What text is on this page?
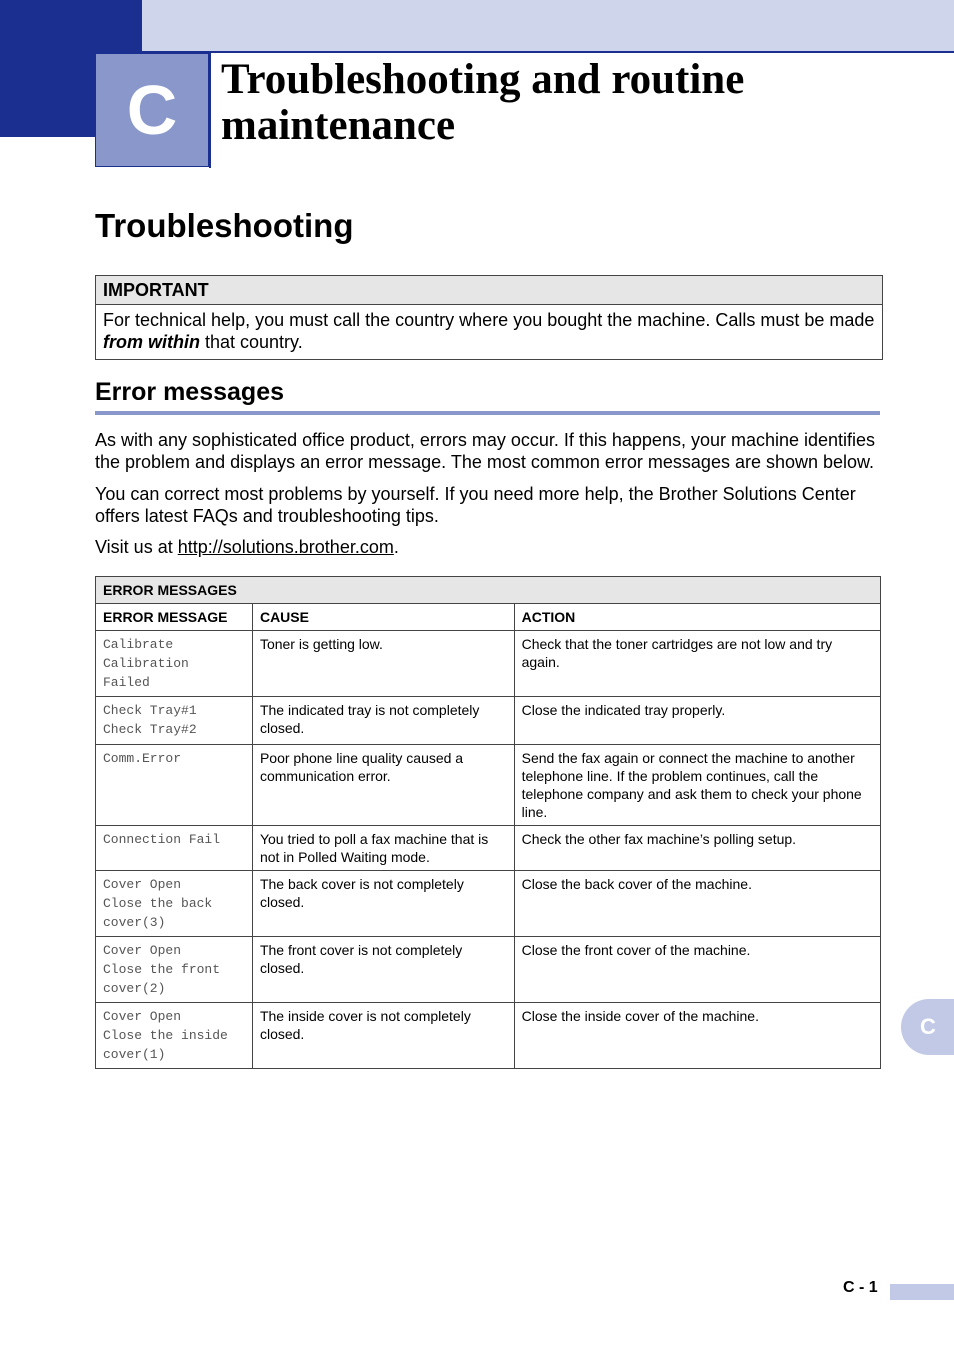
C Troubleshooting and routine
maintenance
Troubleshooting
IMPORTANT
For technical help, you must call the country where you bought the machine. Calls must be made from within that country.
Error messages
As with any sophisticated office product, errors may occur. If this happens, your machine identifies the problem and displays an error message. The most common error messages are shown below.
You can correct most problems by yourself. If you need more help, the Brother Solutions Center offers latest FAQs and troubleshooting tips.
Visit us at http://solutions.brother.com.
ERROR MESSAGES		
ERROR MESSAGE	CAUSE	ACTION

Calibrate
Calibration
Failed	Toner is getting low.	Check that the toner cartridges are not low and try again.

Check Tray#1
Check Tray#2	The indicated tray is not completely closed.	Close the indicated tray properly.

Comm.Error	Poor phone line quality caused a communication error.	Send the fax again or connect the machine to another telephone line. If the problem continues, call the telephone company and ask them to check your phone line.

Connection Fail	You tried to poll a fax machine that is not in Polled Waiting mode.	Check the other fax machine’s polling setup.

Cover Open
Close the back
cover(3)	The back cover is not completely closed.	Close the back cover of the machine.

Cover Open
Close the front
cover(2)	The front cover is not completely closed.	Close the front cover of the machine.

Cover Open
Close the inside
cover(1)	The inside cover is not completely closed.	Close the inside cover of the machine.	C
C - 1
